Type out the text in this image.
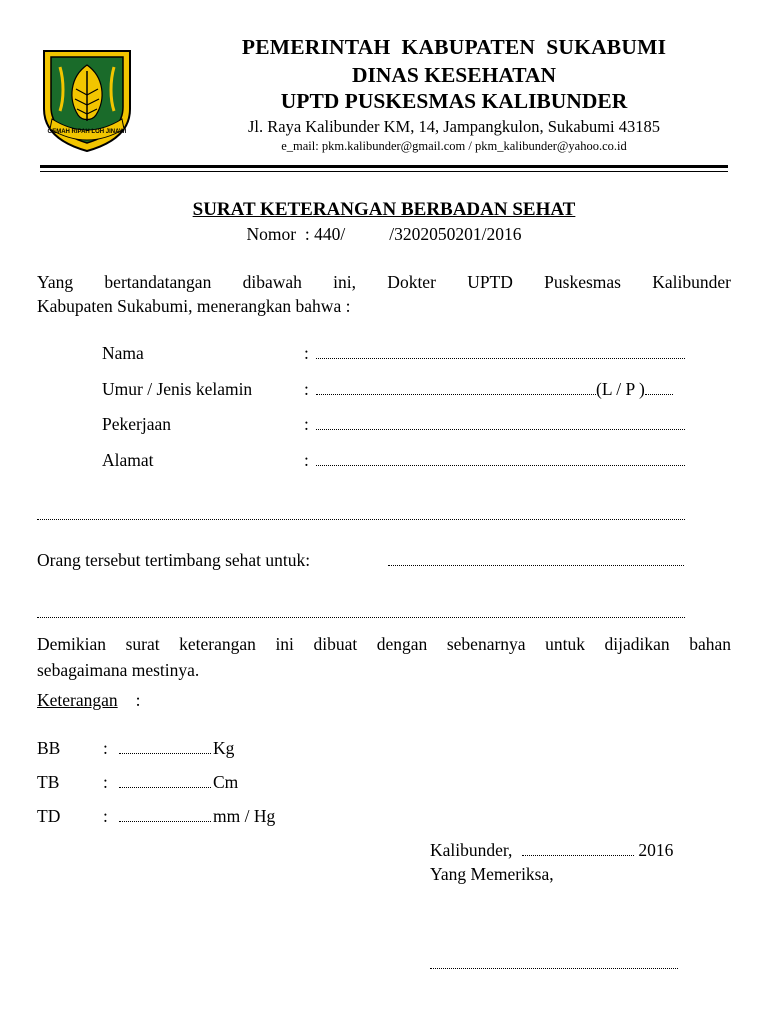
GEMAH RIPAH LOH JINAWI
PEMERINTAH  KABUPATEN  SUKABUMI
DINAS KESEHATAN
UPTD PUSKESMAS KALIBUNDER
Jl. Raya Kalibunder KM, 14, Jampangkulon, Sukabumi 43185
e_mail: pkm.kalibunder@gmail.com / pkm_kalibunder@yahoo.co.id
SURAT KETERANGAN BERBADAN SEHAT
Nomor  : 440/	/3202050201/2016
Yang bertandatangan dibawah ini, Dokter UPTD Puskesmas Kalibunder
Kabupaten Sukabumi, menerangkan bahwa :
Nama	:
Umur / Jenis kelamin	:	(L / P )
Pekerjaan	:
Alamat	:
Orang tersebut tertimbang sehat untuk:
Demikian surat keterangan ini dibuat dengan sebenarnya untuk dijadikan bahan
sebagaimana mestinya.
Keterangan :
BB	:	Kg
TB	:	Cm
TD	:	mm / Hg
Kalibunder,	2016
Yang Memeriksa,
